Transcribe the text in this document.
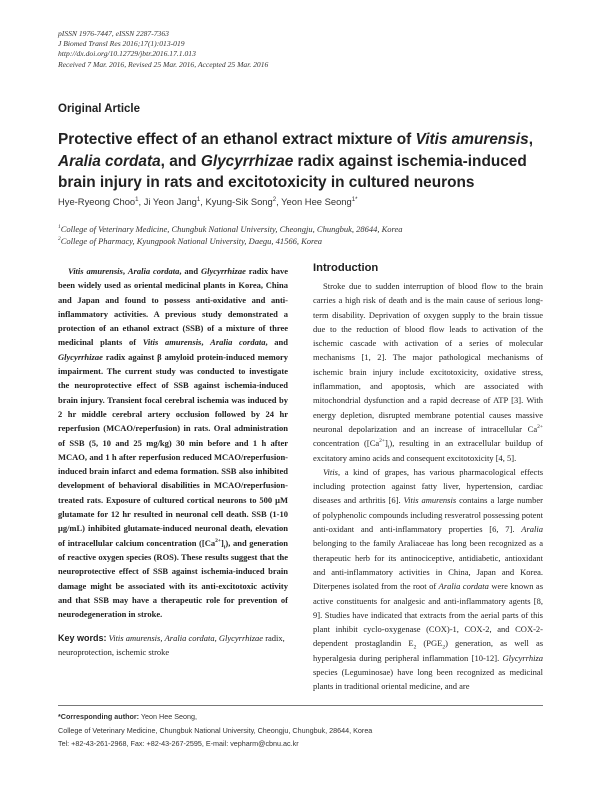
pISSN 1976-7447, eISSN 2287-7363
J Biomed Transl Res 2016;17(1):013-019
http://dx.doi.org/10.12729/jbtr.2016.17.1.013
Received 7 Mar. 2016, Revised 25 Mar. 2016, Accepted 25 Mar. 2016
Original Article
Protective effect of an ethanol extract mixture of Vitis amurensis, Aralia cordata, and Glycyrrhizae radix against ischemia-induced brain injury in rats and excitotoxicity in cultured neurons
Hye-Ryeong Choo$^1$, Ji Yeon Jang$^1$, Kyung-Sik Song$^2$, Yeon Hee Seong$^{1*}$
$^1$College of Veterinary Medicine, Chungbuk National University, Cheongju, Chungbuk, 28644, Korea
$^2$College of Pharmacy, Kyungpook National University, Daegu, 41566, Korea
Vitis amurensis, Aralia cordata, and Glycyrrhizae radix have been widely used as oriental medicinal plants in Korea, China and Japan and found to possess anti-oxidative and anti-inflammatory activities. A previous study demonstrated a protection of an ethanol extract (SSB) of a mixture of three medicinal plants of Vitis amurensis, Aralia cordata, and Glycyrrhizae radix against β amyloid protein-induced memory impairment. The current study was conducted to investigate the neuroprotective effect of SSB against ischemia-induced brain injury. Transient focal cerebral ischemia was induced by 2 hr middle cerebral artery occlusion followed by 24 hr reperfusion (MCAO/reperfusion) in rats. Oral administration of SSB (5, 10 and 25 mg/kg) 30 min before and 1 h after MCAO, and 1 h after reperfusion reduced MCAO/reperfusion-induced brain infarct and edema formation. SSB also inhibited development of behavioral disabilities in MCAO/reperfusion-treated rats. Exposure of cultured cortical neurons to 500 μM glutamate for 12 hr resulted in neuronal cell death. SSB (1-10 μg/mL) inhibited glutamate-induced neuronal death, elevation of intracellular calcium concentration $([Ca^{2+}]_i)$, and generation of reactive oxygen species (ROS). These results suggest that the neuroprotective effect of SSB against ischemia-induced brain damage might be associated with its anti-excitotoxic activity and that SSB may have a therapeutic role for prevention of neurodegeneration in stroke.
Key words: Vitis amurensis, Aralia cordata, Glycyrrhizae radix, neuroprotection, ischemic stroke
Introduction

Stroke due to sudden interruption of blood flow to the brain carries a high risk of death and is the main cause of serious long-term disability. Deprivation of oxygen supply to the brain tissue due to the reduction of blood flow leads to activation of the ischemic cascade with activation of a series of molecular mechanisms [1, 2]. The major pathological mechanisms of ischemic brain injury include excitotoxicity, oxidative stress, inflammation, and apoptosis, which are associated with mitochondrial dysfunction and a rapid decrease of ATP [3]. With energy depletion, disrupted membrane potential causes massive neuronal depolarization and an increase of intracellular $Ca^{2+}$ concentration $([Ca^{2+}]_i)$, resulting in an extracellular buildup of excitatory amino acids and consequent excitotoxicity [4, 5].

Vitis, a kind of grapes, has various pharmacological effects including protection against fatty liver, hypertension, cardiac diseases and arthritis [6]. Vitis amurensis contains a large number of polyphenolic compounds including resveratrol possessing potent anti-oxidant and anti-inflammatory properties [6, 7]. Aralia belonging to the family Araliaceae has long been recognized as a therapeutic herb for its antinociceptive, antidiabetic, antioxidant and anti-inflammatory activities in China, Japan and Korea. Diterpenes isolated from the root of Aralia cordata were known as active constituents for analgesic and anti-inflammatory agents [8, 9]. Studies have indicated that extracts from the aerial parts of this plant inhibit cyclo-oxygenase (COX)-1, COX-2, and COX-2-dependent prostaglandin $E_2$ $(PGE_2)$ generation, as well as hyperalgesia during peripheral inflammation [10-12]. Glycyrrhiza species (Leguminosae) have long been recognized as medicinal plants in traditional oriental medicine, and are

*Corresponding author: Yeon Hee Seong,
College of Veterinary Medicine, Chungbuk National University, Cheongju, Chungbuk, 28644, Korea
Tel: +82-43-261-2968, Fax: +82-43-267-2595, E-mail: vepharm@cbnu.ac.kr
